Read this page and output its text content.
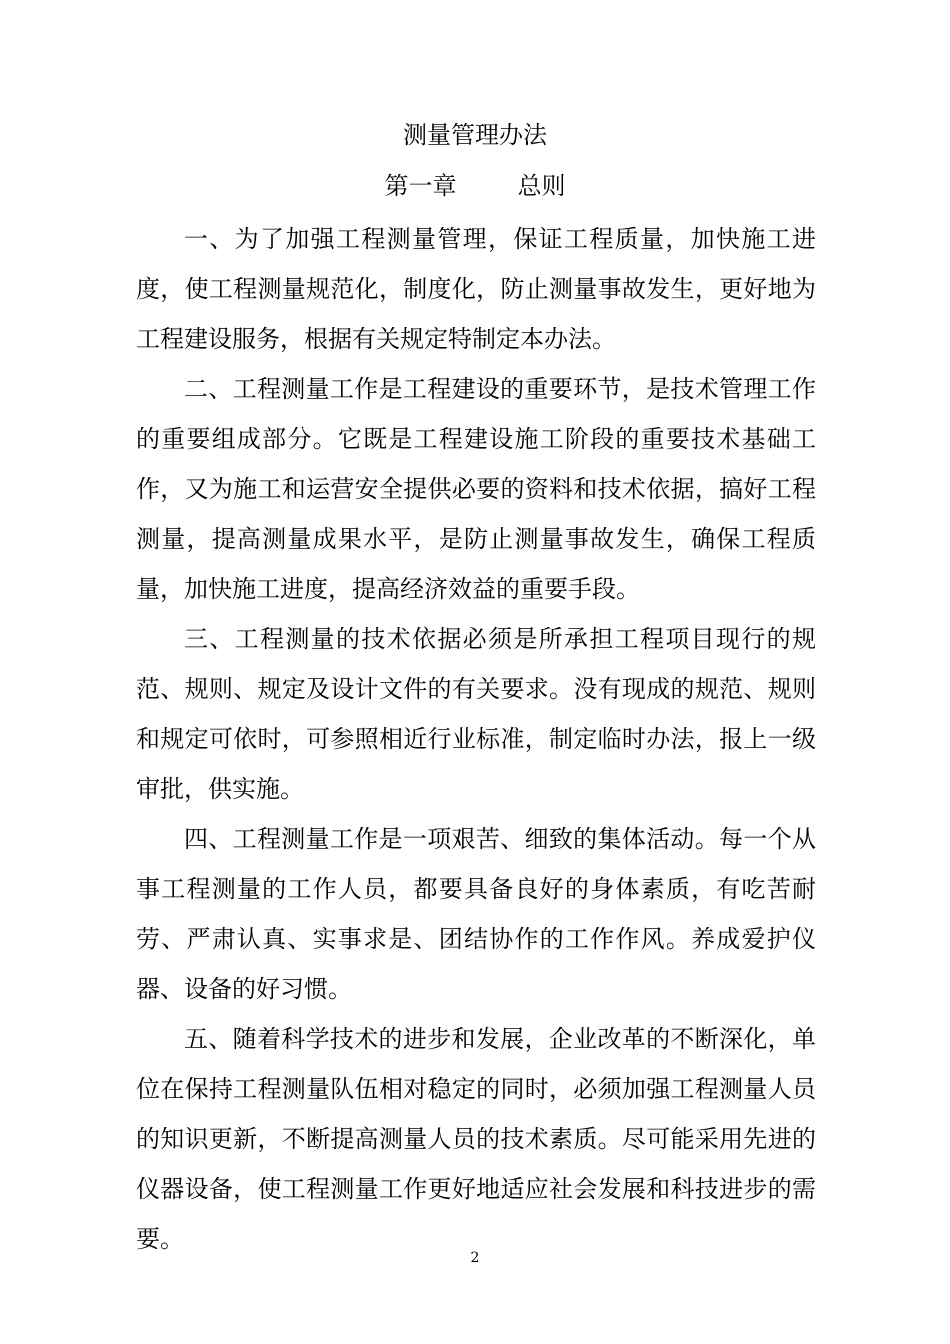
测量管理办法
第一章        总则

一、为了加强工程测量管理，保证工程质量，加快施工进度，使工程测量规范化，制度化，防止测量事故发生，更好地为工程建设服务，根据有关规定特制定本办法。

二、工程测量工作是工程建设的重要环节，是技术管理工作的重要组成部分。它既是工程建设施工阶段的重要技术基础工作，又为施工和运营安全提供必要的资料和技术依据，搞好工程测量，提高测量成果水平，是防止测量事故发生，确保工程质量，加快施工进度，提高经济效益的重要手段。

三、工程测量的技术依据必须是所承担工程项目现行的规范、规则、规定及设计文件的有关要求。没有现成的规范、规则和规定可依时，可参照相近行业标准，制定临时办法，报上一级审批，供实施。

四、工程测量工作是一项艰苦、细致的集体活动。每一个从事工程测量的工作人员，都要具备良好的身体素质，有吃苦耐劳、严肃认真、实事求是、团结协作的工作作风。养成爱护仪器、设备的好习惯。

五、随着科学技术的进步和发展，企业改革的不断深化，单位在保持工程测量队伍相对稳定的同时，必须加强工程测量人员的知识更新，不断提高测量人员的技术素质。尽可能采用先进的仪器设备，使工程测量工作更好地适应社会发展和科技进步的需要。

2
